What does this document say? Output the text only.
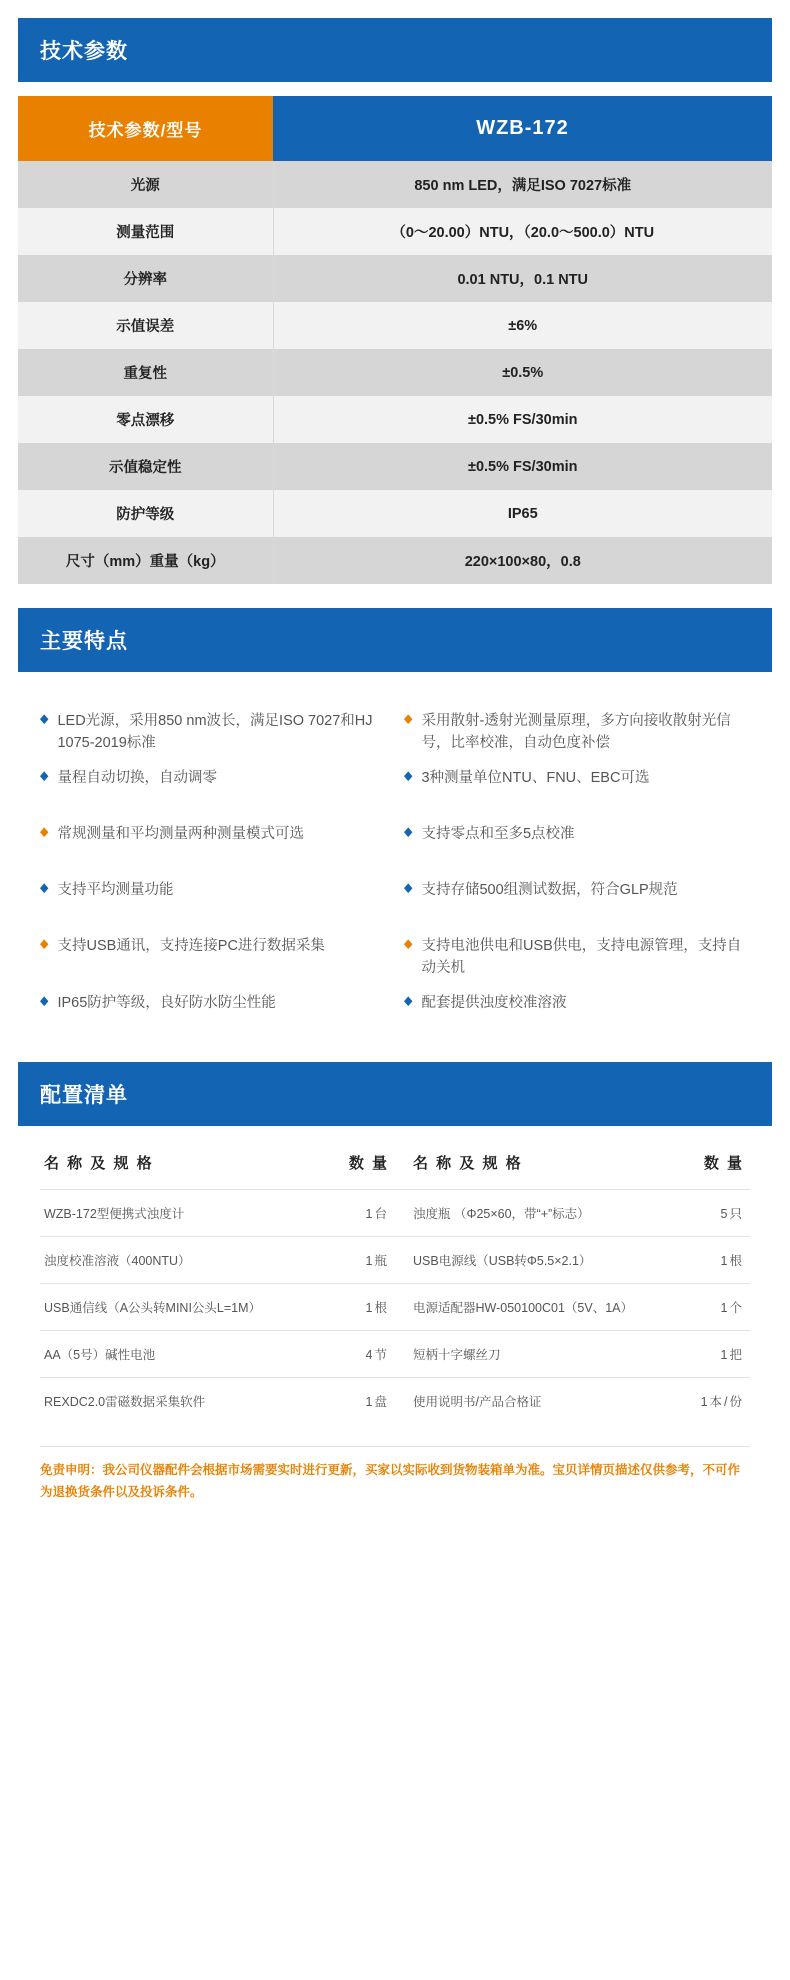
技术参数
技术参数/型号	WZB-172
光源	850 nm LED，满足ISO 7027标准
测量范围	（0～20.00）NTU，（20.0～500.0）NTU
分辨率	0.01 NTU，0.1 NTU
示值误差	±6%
重复性	±0.5%
零点漂移	±0.5% FS/30min
示值稳定性	±0.5% FS/30min
防护等级	IP65
尺寸（mm）重量（kg）	220×100×80，0.8
主要特点
◆ LED光源，采用850 nm波长，满足ISO 7027和HJ 1075-2019标准
◆ 采用散射-透射光测量原理，多方向接收散射光信号，比率校准，自动色度补偿
◆ 量程自动切换，自动调零	◆ 3种测量单位NTU、FNU、EBC可选
◆ 常规测量和平均测量两种测量模式可选	◆ 支持零点和至多5点校准
◆ 支持平均测量功能	◆ 支持存储500组测试数据，符合GLP规范
◆ 支持USB通讯，支持连接PC进行数据采集	◆ 支持电池供电和USB供电，支持电源管理，支持自动关机
◆ IP65防护等级，良好防水防尘性能	◆ 配套提供浊度校准溶液
配置清单
名 称 及 规 格	数 量	名 称 及 规 格	数 量
WZB-172型便携式浊度计	1台	浊度瓶 （Φ25×60，带“+”标志）	5只
浊度校准溶液（400NTU）	1瓶	USB电源线（USB转Φ5.5×2.1）	1根
USB通信线（A公头转MINI公头L=1M）	1根	电源适配器HW-050100C01（5V、1A）	1个
AA（5号）碱性电池	4节	短柄十字螺丝刀	1把
REXDC2.0雷磁数据采集软件	1盘	使用说明书/产品合格证	1本/份
免责申明：我公司仪器配件会根据市场需要实时进行更新，买家以实际收到货物装箱单为准。宝贝详情页描述仅供参考，不可作为退换货条件以及投诉条件。
